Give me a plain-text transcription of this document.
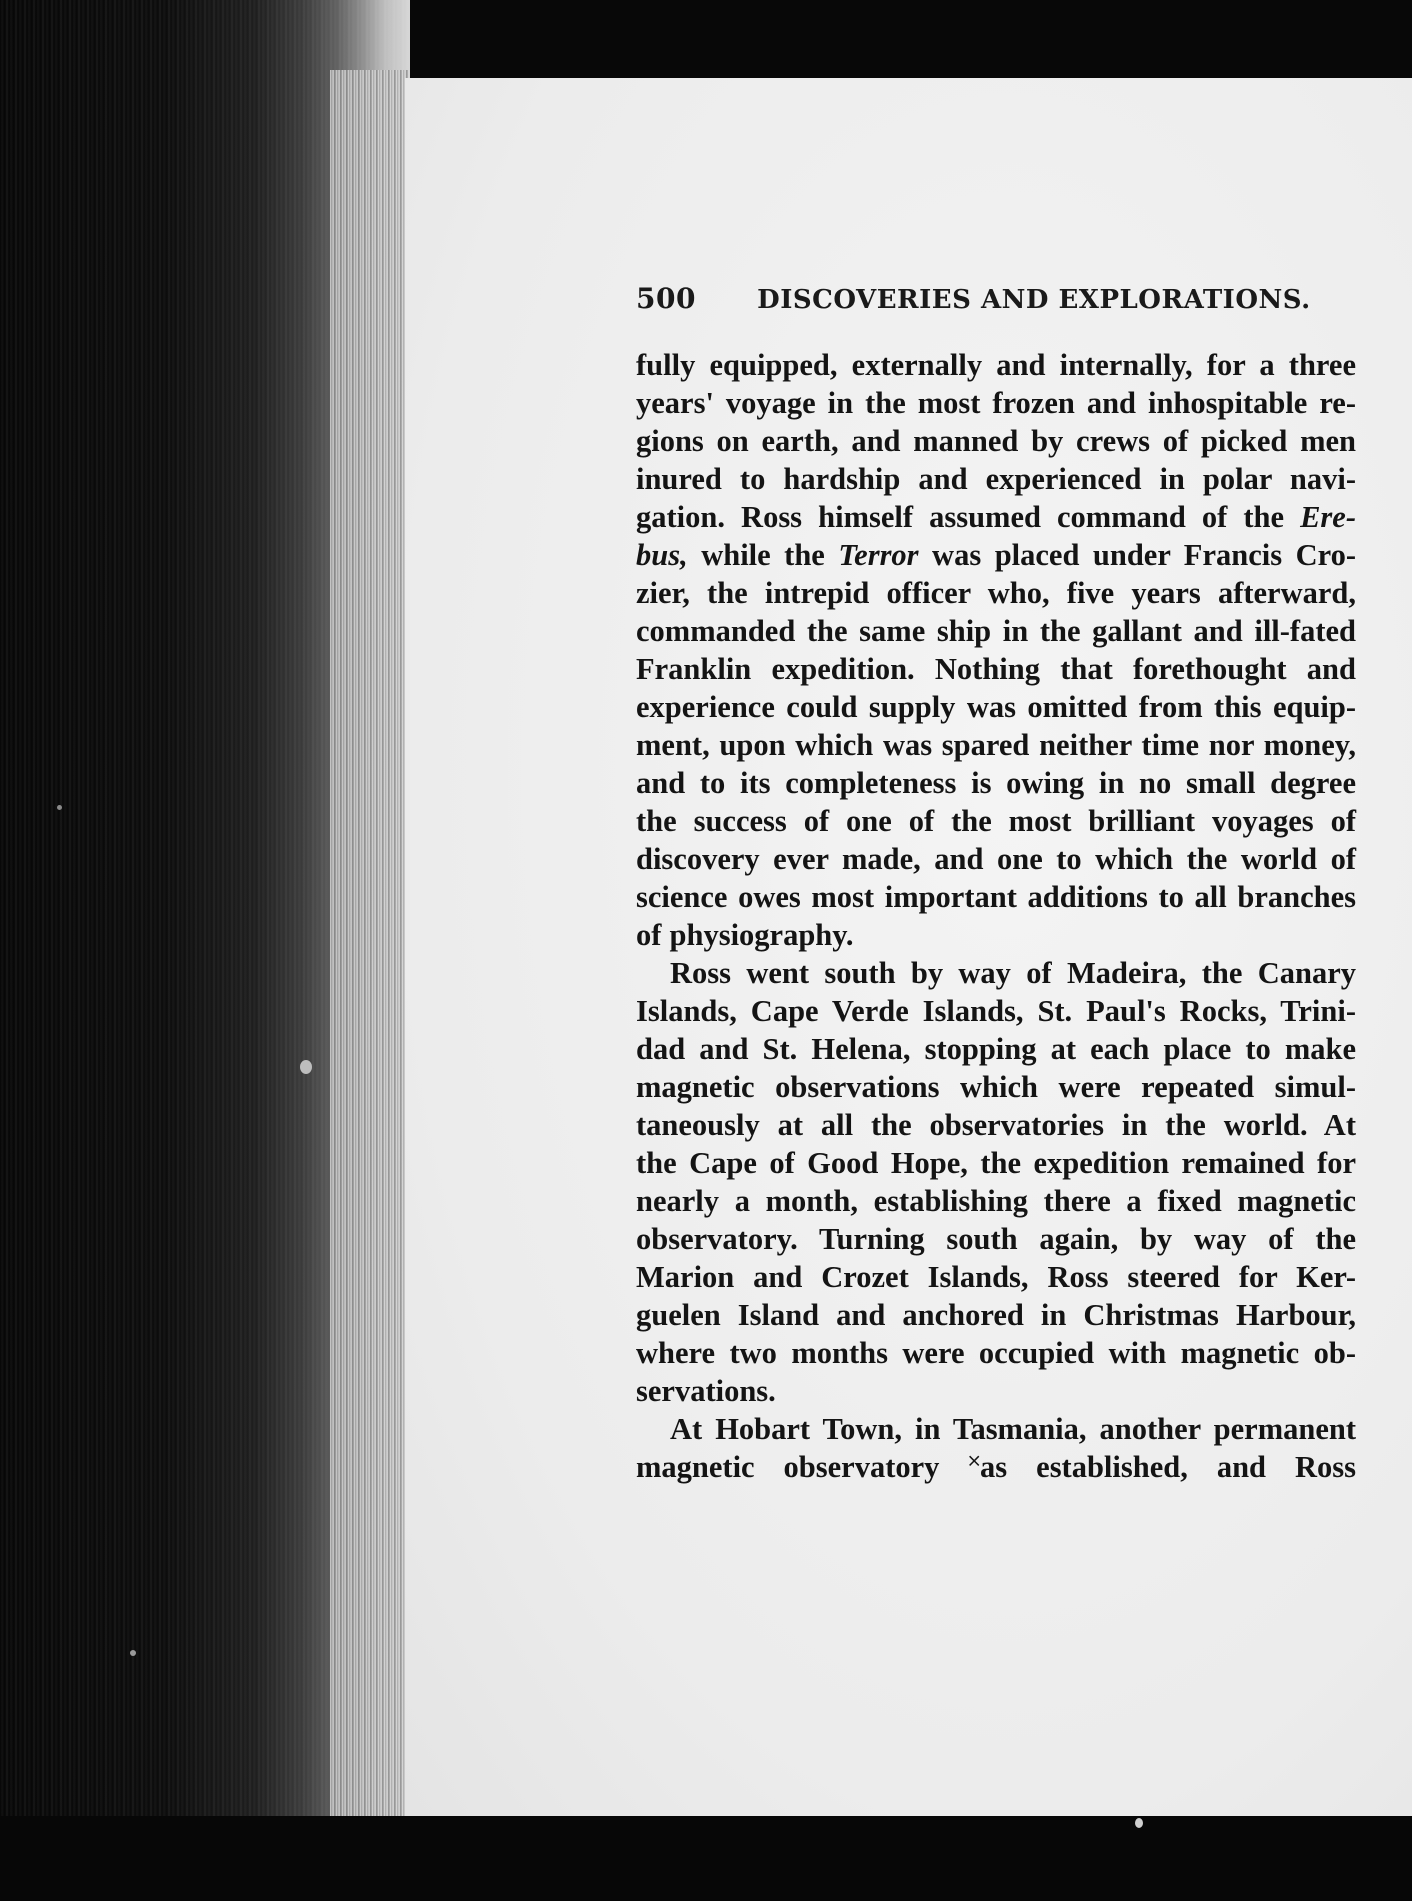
500 DISCOVERIES AND EXPLORATIONS.
fully equipped, externally and internally, for a three
years' voyage in the most frozen and inhospitable re-
gions on earth, and manned by crews of picked men
inured to hardship and experienced in polar navi-
gation. Ross himself assumed command of the Ere-
bus, while the Terror was placed under Francis Cro-
zier, the intrepid officer who, five years afterward,
commanded the same ship in the gallant and ill-fated
Franklin expedition. Nothing that forethought and
experience could supply was omitted from this equip-
ment, upon which was spared neither time nor money,
and to its completeness is owing in no small degree
the success of one of the most brilliant voyages of
discovery ever made, and one to which the world of
science owes most important additions to all branches
of physiography.
Ross went south by way of Madeira, the Canary
Islands, Cape Verde Islands, St. Paul's Rocks, Trini-
dad and St. Helena, stopping at each place to make
magnetic observations which were repeated simul-
taneously at all the observatories in the world. At
the Cape of Good Hope, the expedition remained for
nearly a month, establishing there a fixed magnetic
observatory. Turning south again, by way of the
Marion and Crozet Islands, Ross steered for Ker-
guelen Island and anchored in Christmas Harbour,
where two months were occupied with magnetic ob-
servations.
At Hobart Town, in Tasmania, another permanent
magnetic observatory ˟as established, and Ross
